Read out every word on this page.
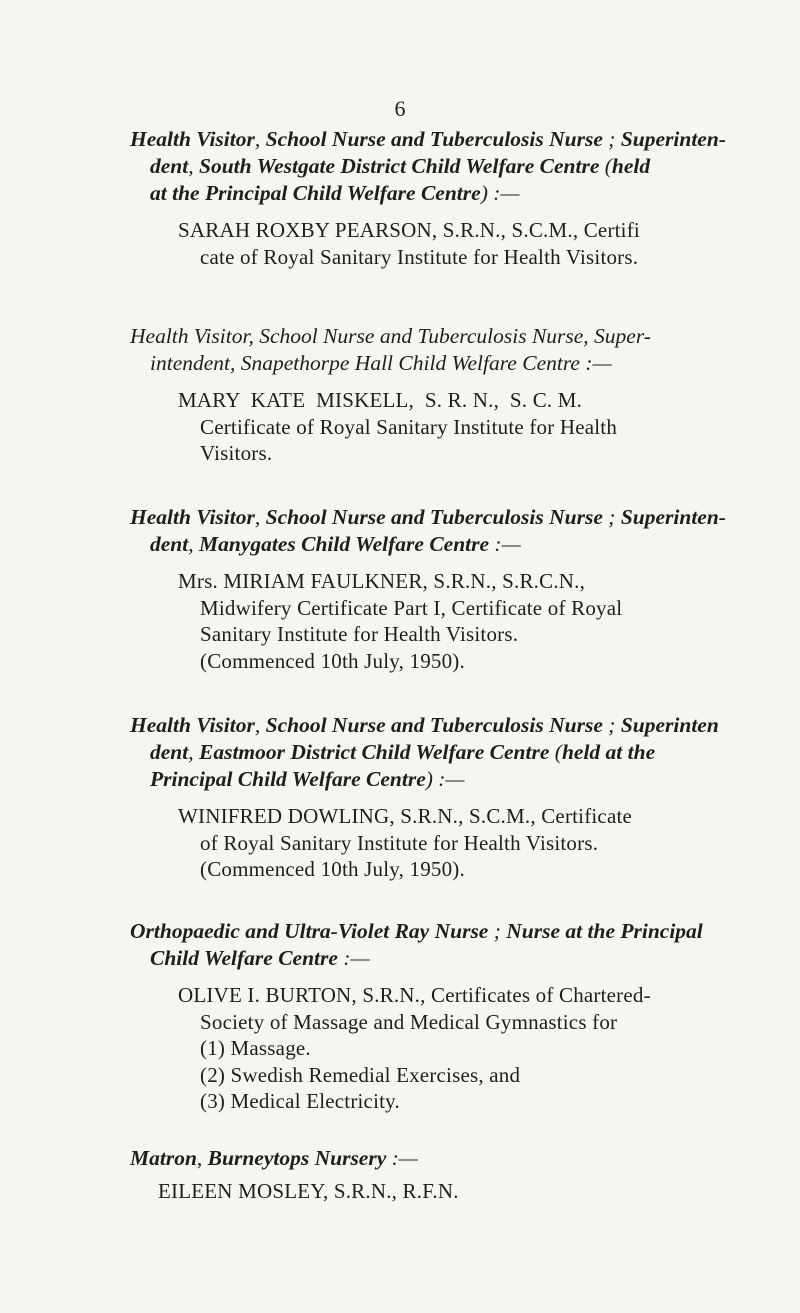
6
Health Visitor, School Nurse and Tuberculosis Nurse ; Superinten-
dent, South Westgate District Child Welfare Centre (held
at the Principal Child Welfare Centre) :—
SARAH ROXBY PEARSON, S.R.N., S.C.M., Certifi
cate of Royal Sanitary Institute for Health Visitors.
Health Visitor, School Nurse and Tuberculosis Nurse, Super-
intendent, Snapethorpe Hall Child Welfare Centre :—
MARY  KATE  MISKELL,  S. R. N.,  S. C. M.
Certificate of Royal Sanitary Institute for Health
Visitors.
Health Visitor, School Nurse and Tuberculosis Nurse ; Superinten-
dent, Manygates Child Welfare Centre :—
Mrs. MIRIAM FAULKNER, S.R.N., S.R.C.N.,
Midwifery Certificate Part I, Certificate of Royal
Sanitary Institute for Health Visitors.
(Commenced 10th July, 1950).
Health Visitor, School Nurse and Tuberculosis Nurse ; Superinten
dent, Eastmoor District Child Welfare Centre (held at the
Principal Child Welfare Centre) :—
WINIFRED DOWLING, S.R.N., S.C.M., Certificate
of Royal Sanitary Institute for Health Visitors.
(Commenced 10th July, 1950).
Orthopaedic and Ultra-Violet Ray Nurse ; Nurse at the Principal
Child Welfare Centre :—
OLIVE I. BURTON, S.R.N., Certificates of Chartered-
Society of Massage and Medical Gymnastics for
(1) Massage.
(2) Swedish Remedial Exercises, and
(3) Medical Electricity.
Matron, Burneytops Nursery :—
EILEEN MOSLEY, S.R.N., R.F.N.
